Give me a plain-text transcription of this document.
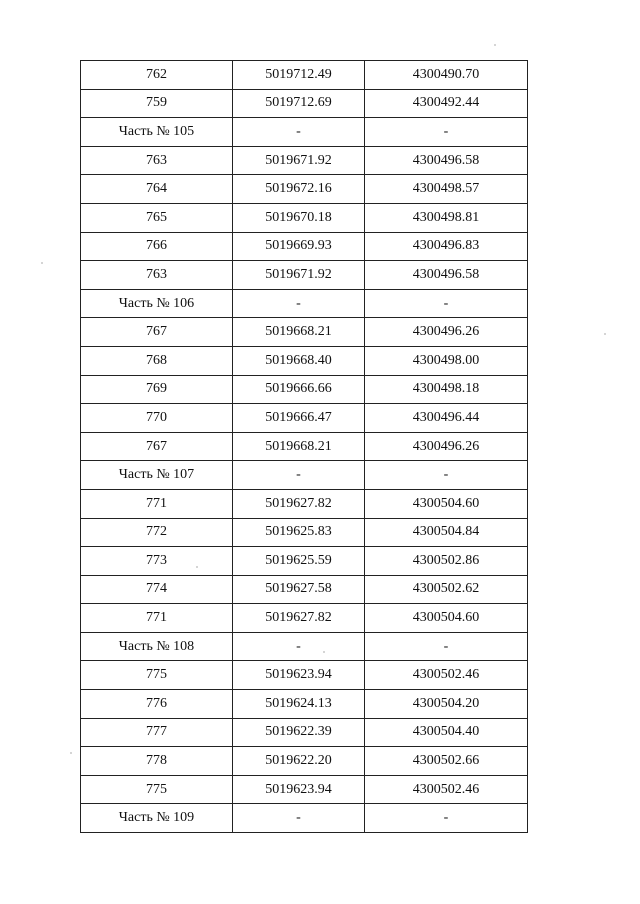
762	5019712.49	4300490.70
759	5019712.69	4300492.44
Часть № 105	-	-
763	5019671.92	4300496.58
764	5019672.16	4300498.57
765	5019670.18	4300498.81
766	5019669.93	4300496.83
763	5019671.92	4300496.58
Часть № 106	-	-
767	5019668.21	4300496.26
768	5019668.40	4300498.00
769	5019666.66	4300498.18
770	5019666.47	4300496.44
767	5019668.21	4300496.26
Часть № 107	-	-
771	5019627.82	4300504.60
772	5019625.83	4300504.84
773	5019625.59	4300502.86
774	5019627.58	4300502.62
771	5019627.82	4300504.60
Часть № 108	-	-
775	5019623.94	4300502.46
776	5019624.13	4300504.20
777	5019622.39	4300504.40
778	5019622.20	4300502.66
775	5019623.94	4300502.46
Часть № 109	-	-
